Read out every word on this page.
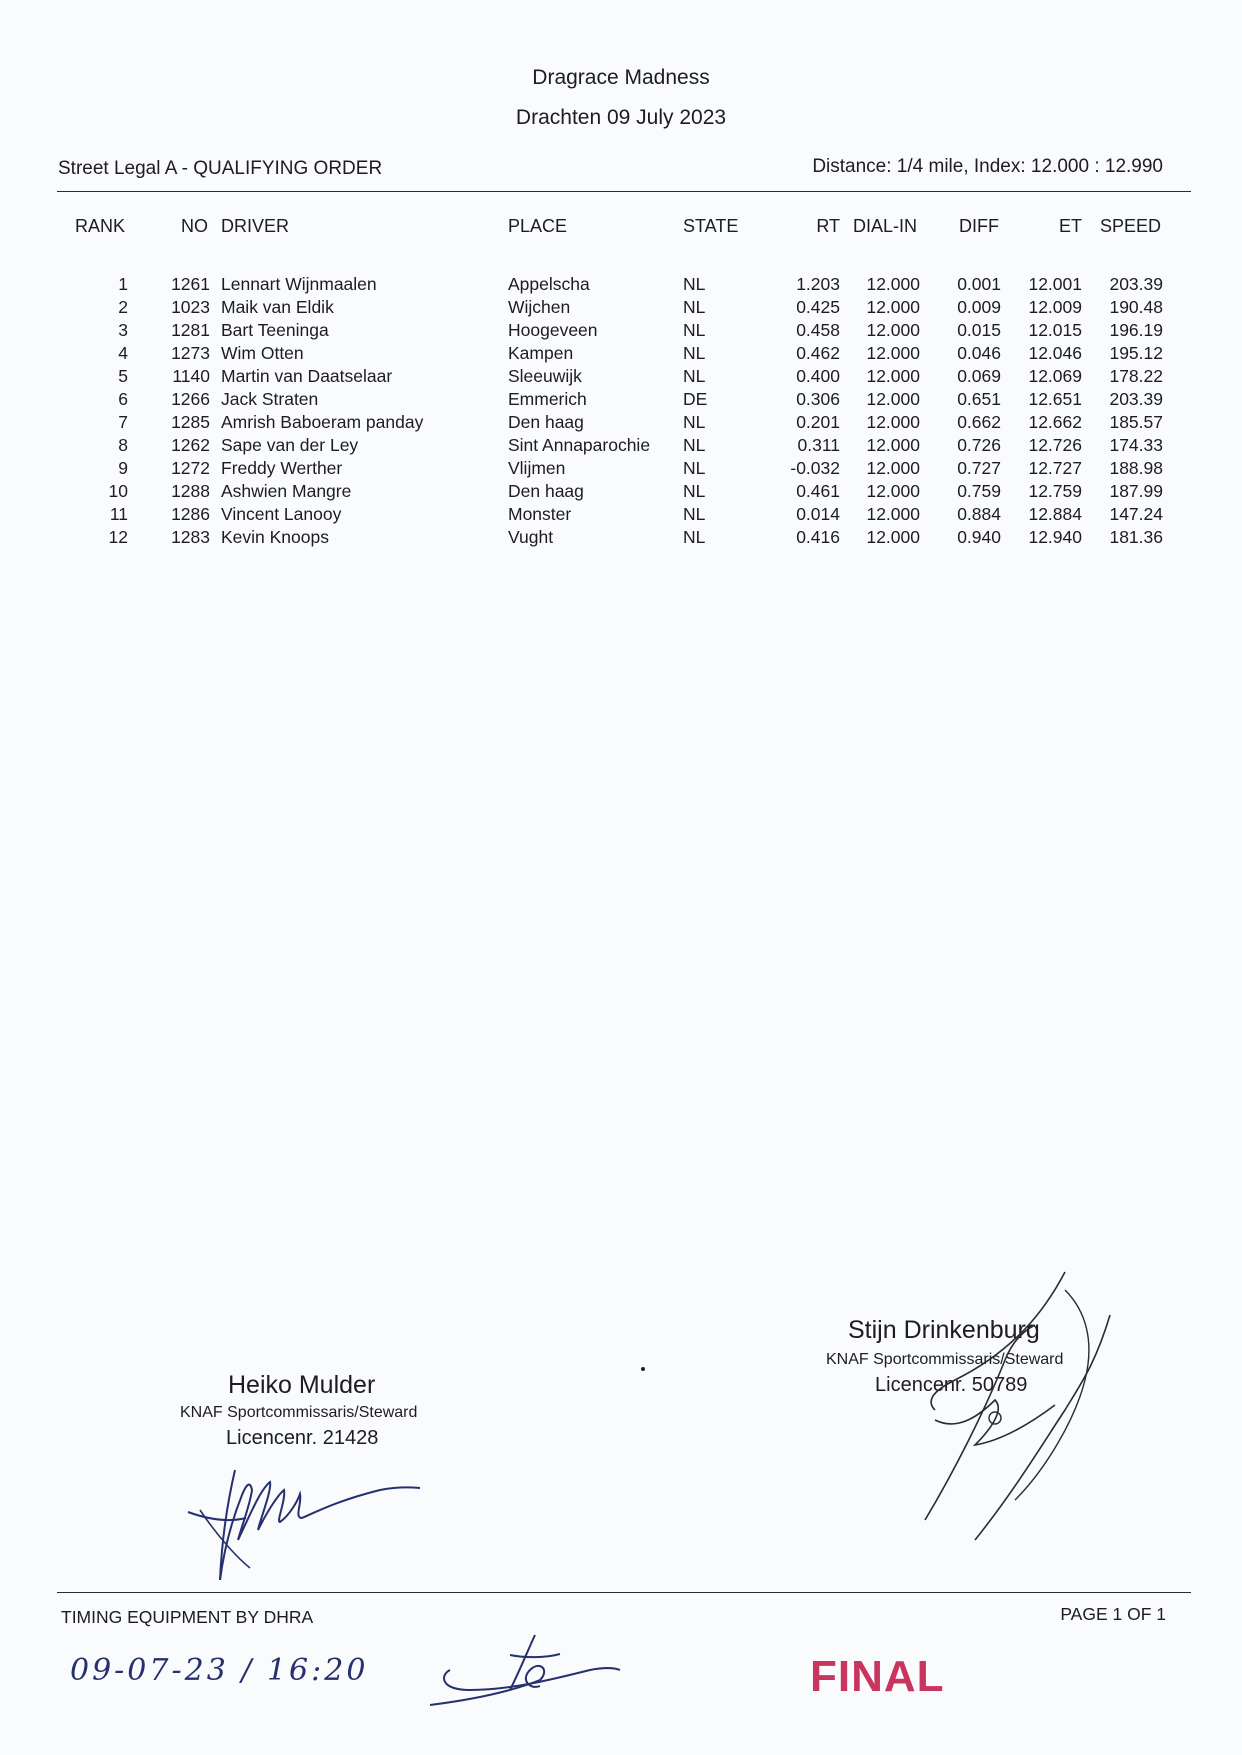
Dragrace Madness
Drachten 09 July 2023
Street Legal A - QUALIFYING ORDER	Distance: 1/4 mile, Index: 12.000 : 12.990
RANK	NO DRIVER	PLACE	STATE	RT DIAL-IN DIFF	ET SPEED
1	1261 Lennart Wijnmaalen	Appelscha	NL	1.203	12.000	0.001	12.001	203.39
2	1023 Maik van Eldik	Wijchen	NL	0.425	12.000	0.009	12.009	190.48
3	1281 Bart Teeninga	Hoogeveen	NL	0.458	12.000	0.015	12.015	196.19
4	1273 Wim Otten	Kampen	NL	0.462	12.000	0.046	12.046	195.12
5	1140 Martin van Daatselaar	Sleeuwijk	NL	0.400	12.000	0.069	12.069	178.22
6	1266 Jack Straten	Emmerich	DE	0.306	12.000	0.651	12.651	203.39
7	1285 Amrish Baboeram panday	Den haag	NL	0.201	12.000	0.662	12.662	185.57
8	1262 Sape van der Ley	Sint Annaparochie	NL	0.311	12.000	0.726	12.726	174.33
9	1272 Freddy Werther	Vlijmen	NL	-0.032	12.000	0.727	12.727	188.98
10	1288 Ashwien Mangre	Den haag	NL	0.461	12.000	0.759	12.759	187.99
11	1286 Vincent Lanooy	Monster	NL	0.014	12.000	0.884	12.884	147.24
12	1283 Kevin Knoops	Vught	NL	0.416	12.000	0.940	12.940	181.36
Heiko Mulder
KNAF Sportcommissaris/Steward
Licencenr. 21428
Stijn Drinkenburg
KNAF Sportcommissaris/Steward
Licencenr. 50789
TIMING EQUIPMENT BY DHRA	PAGE 1 OF 1
09-07-23 / 16:20	FINAL
